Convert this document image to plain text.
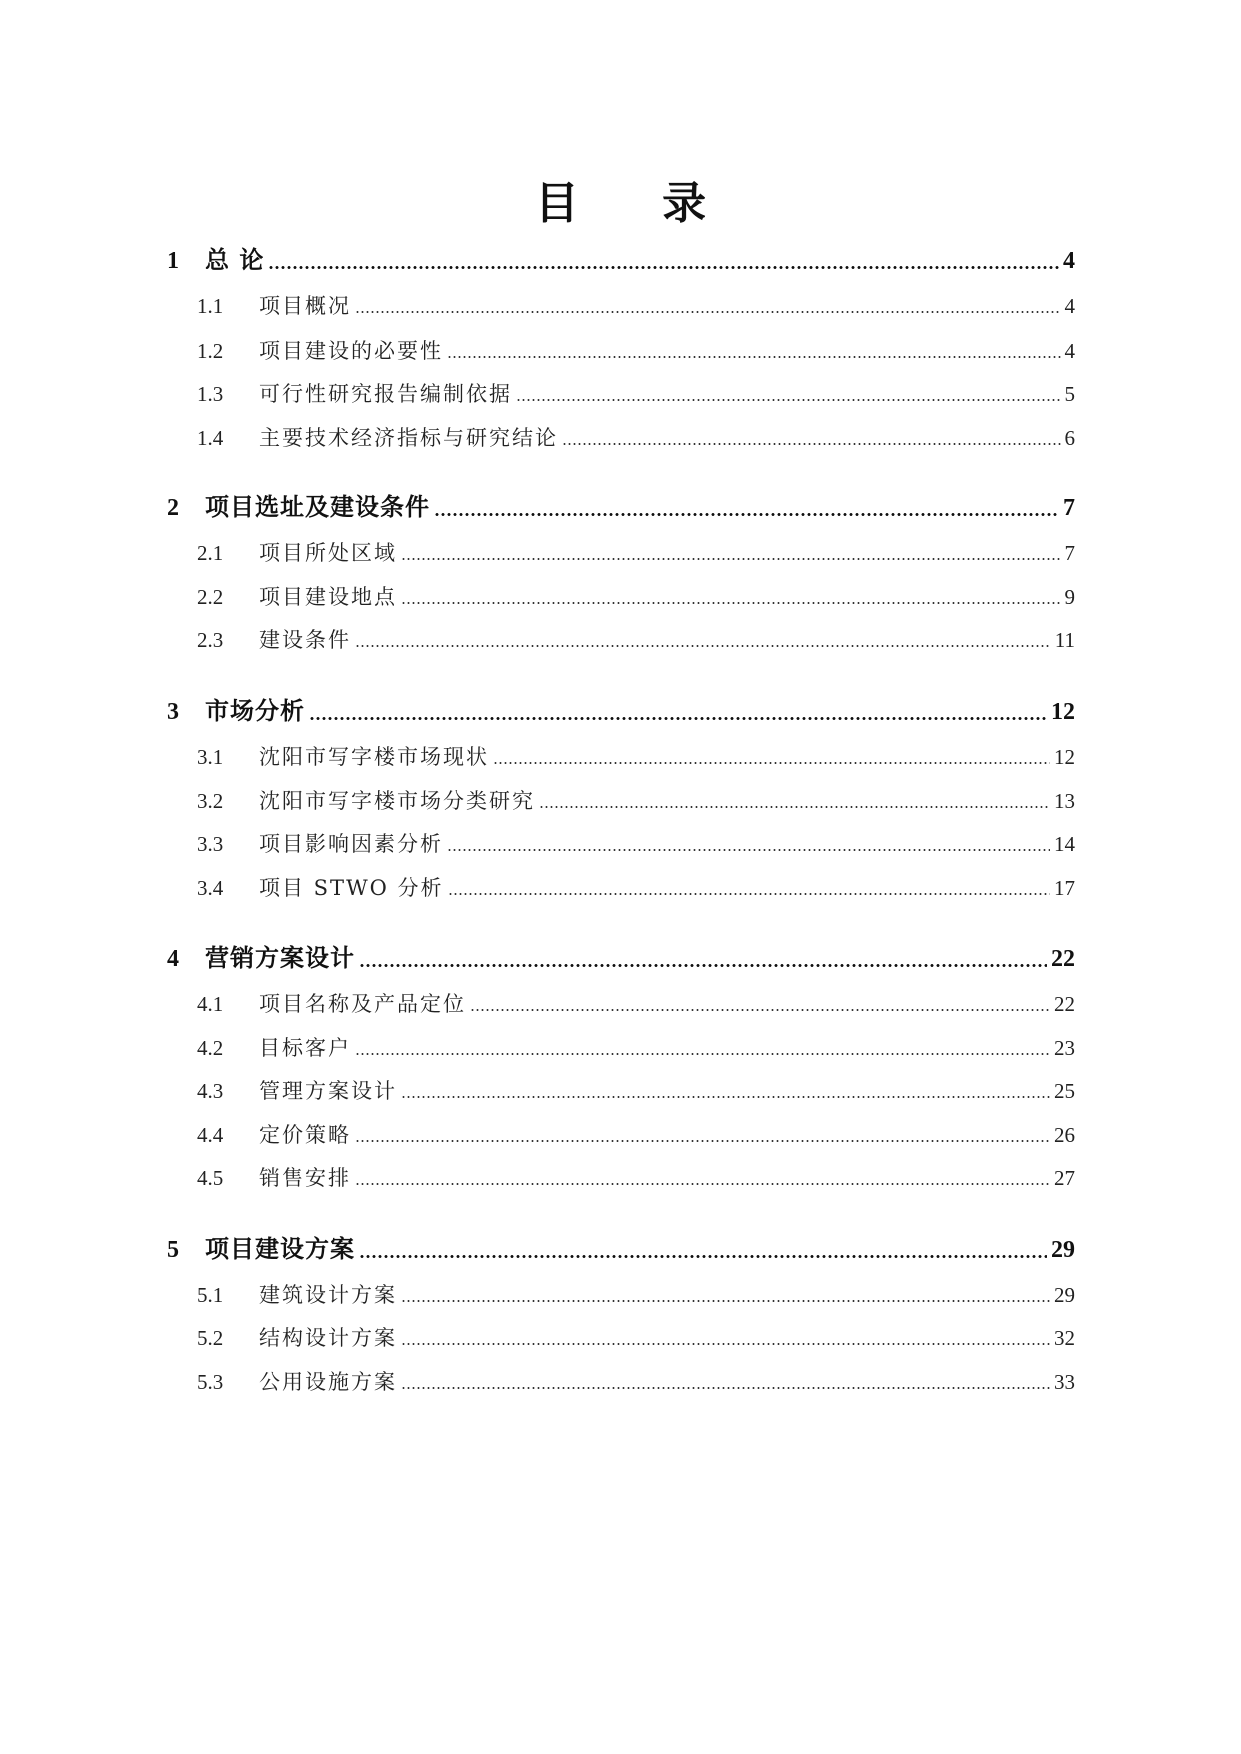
目 录
1	总 论	4
1.1	项目概况	4
1.2	项目建设的必要性	4
1.3	可行性研究报告编制依据	5
1.4	主要技术经济指标与研究结论	6
2	项目选址及建设条件	7
2.1	项目所处区域	7
2.2	项目建设地点	9
2.3	建设条件	11
3	市场分析	12
3.1	沈阳市写字楼市场现状	12
3.2	沈阳市写字楼市场分类研究	13
3.3	项目影响因素分析	14
3.4	项目 STWO 分析	17
4	营销方案设计	22
4.1	项目名称及产品定位	22
4.2	目标客户	23
4.3	管理方案设计	25
4.4	定价策略	26
4.5	销售安排	27
5	项目建设方案	29
5.1	建筑设计方案	29
5.2	结构设计方案	32
5.3	公用设施方案	33
